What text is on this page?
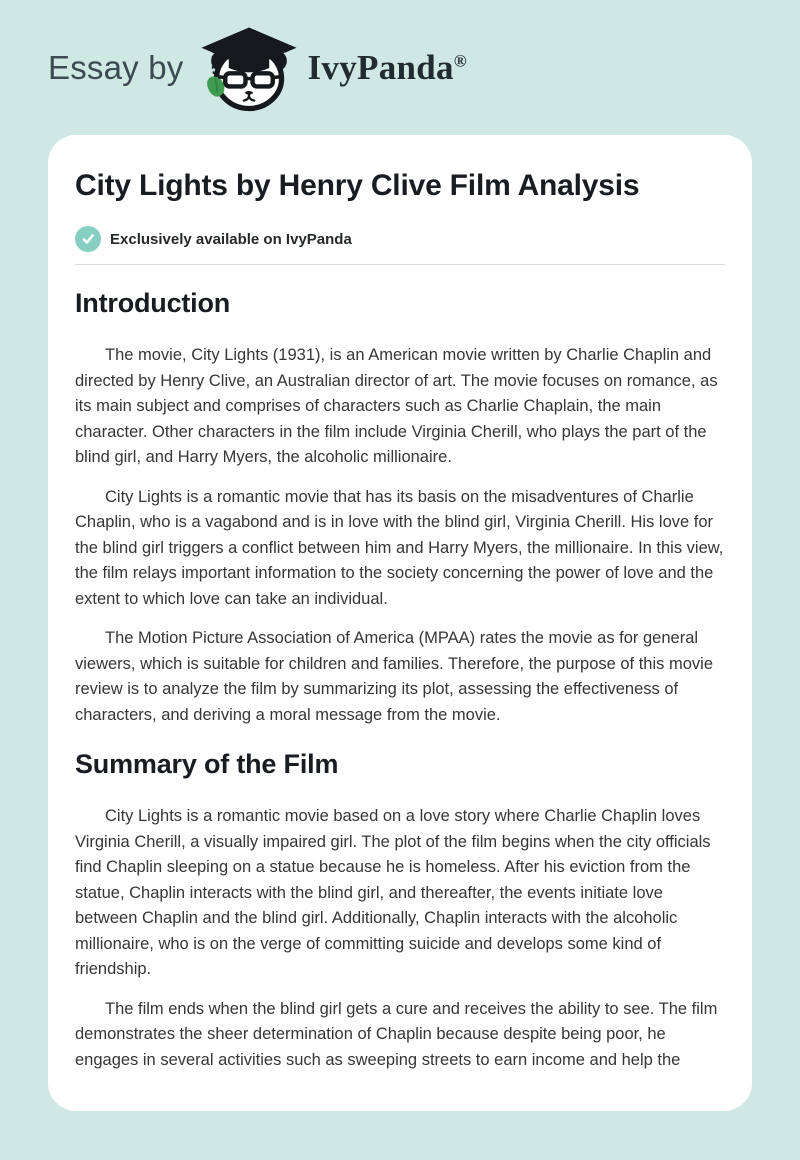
Essay by	IvyPanda®
City Lights by Henry Clive Film Analysis
Exclusively available on IvyPanda
Introduction

The movie, City Lights (1931), is an American movie written by Charlie Chaplin and directed by Henry Clive, an Australian director of art. The movie focuses on romance, as its main subject and comprises of characters such as Charlie Chaplain, the main character. Other characters in the film include Virginia Cherill, who plays the part of the blind girl, and Harry Myers, the alcoholic millionaire.

City Lights is a romantic movie that has its basis on the misadventures of Charlie Chaplin, who is a vagabond and is in love with the blind girl, Virginia Cherill. His love for the blind girl triggers a conflict between him and Harry Myers, the millionaire. In this view, the film relays important information to the society concerning the power of love and the extent to which love can take an individual.

The Motion Picture Association of America (MPAA) rates the movie as for general viewers, which is suitable for children and families. Therefore, the purpose of this movie review is to analyze the film by summarizing its plot, assessing the effectiveness of characters, and deriving a moral message from the movie.

Summary of the Film

City Lights is a romantic movie based on a love story where Charlie Chaplin loves Virginia Cherill, a visually impaired girl. The plot of the film begins when the city officials find Chaplin sleeping on a statue because he is homeless. After his eviction from the statue, Chaplin interacts with the blind girl, and thereafter, the events initiate love between Chaplin and the blind girl. Additionally, Chaplin interacts with the alcoholic millionaire, who is on the verge of committing suicide and develops some kind of friendship.

The film ends when the blind girl gets a cure and receives the ability to see. The film demonstrates the sheer determination of Chaplin because despite being poor, he engages in several activities such as sweeping streets to earn income and help the
